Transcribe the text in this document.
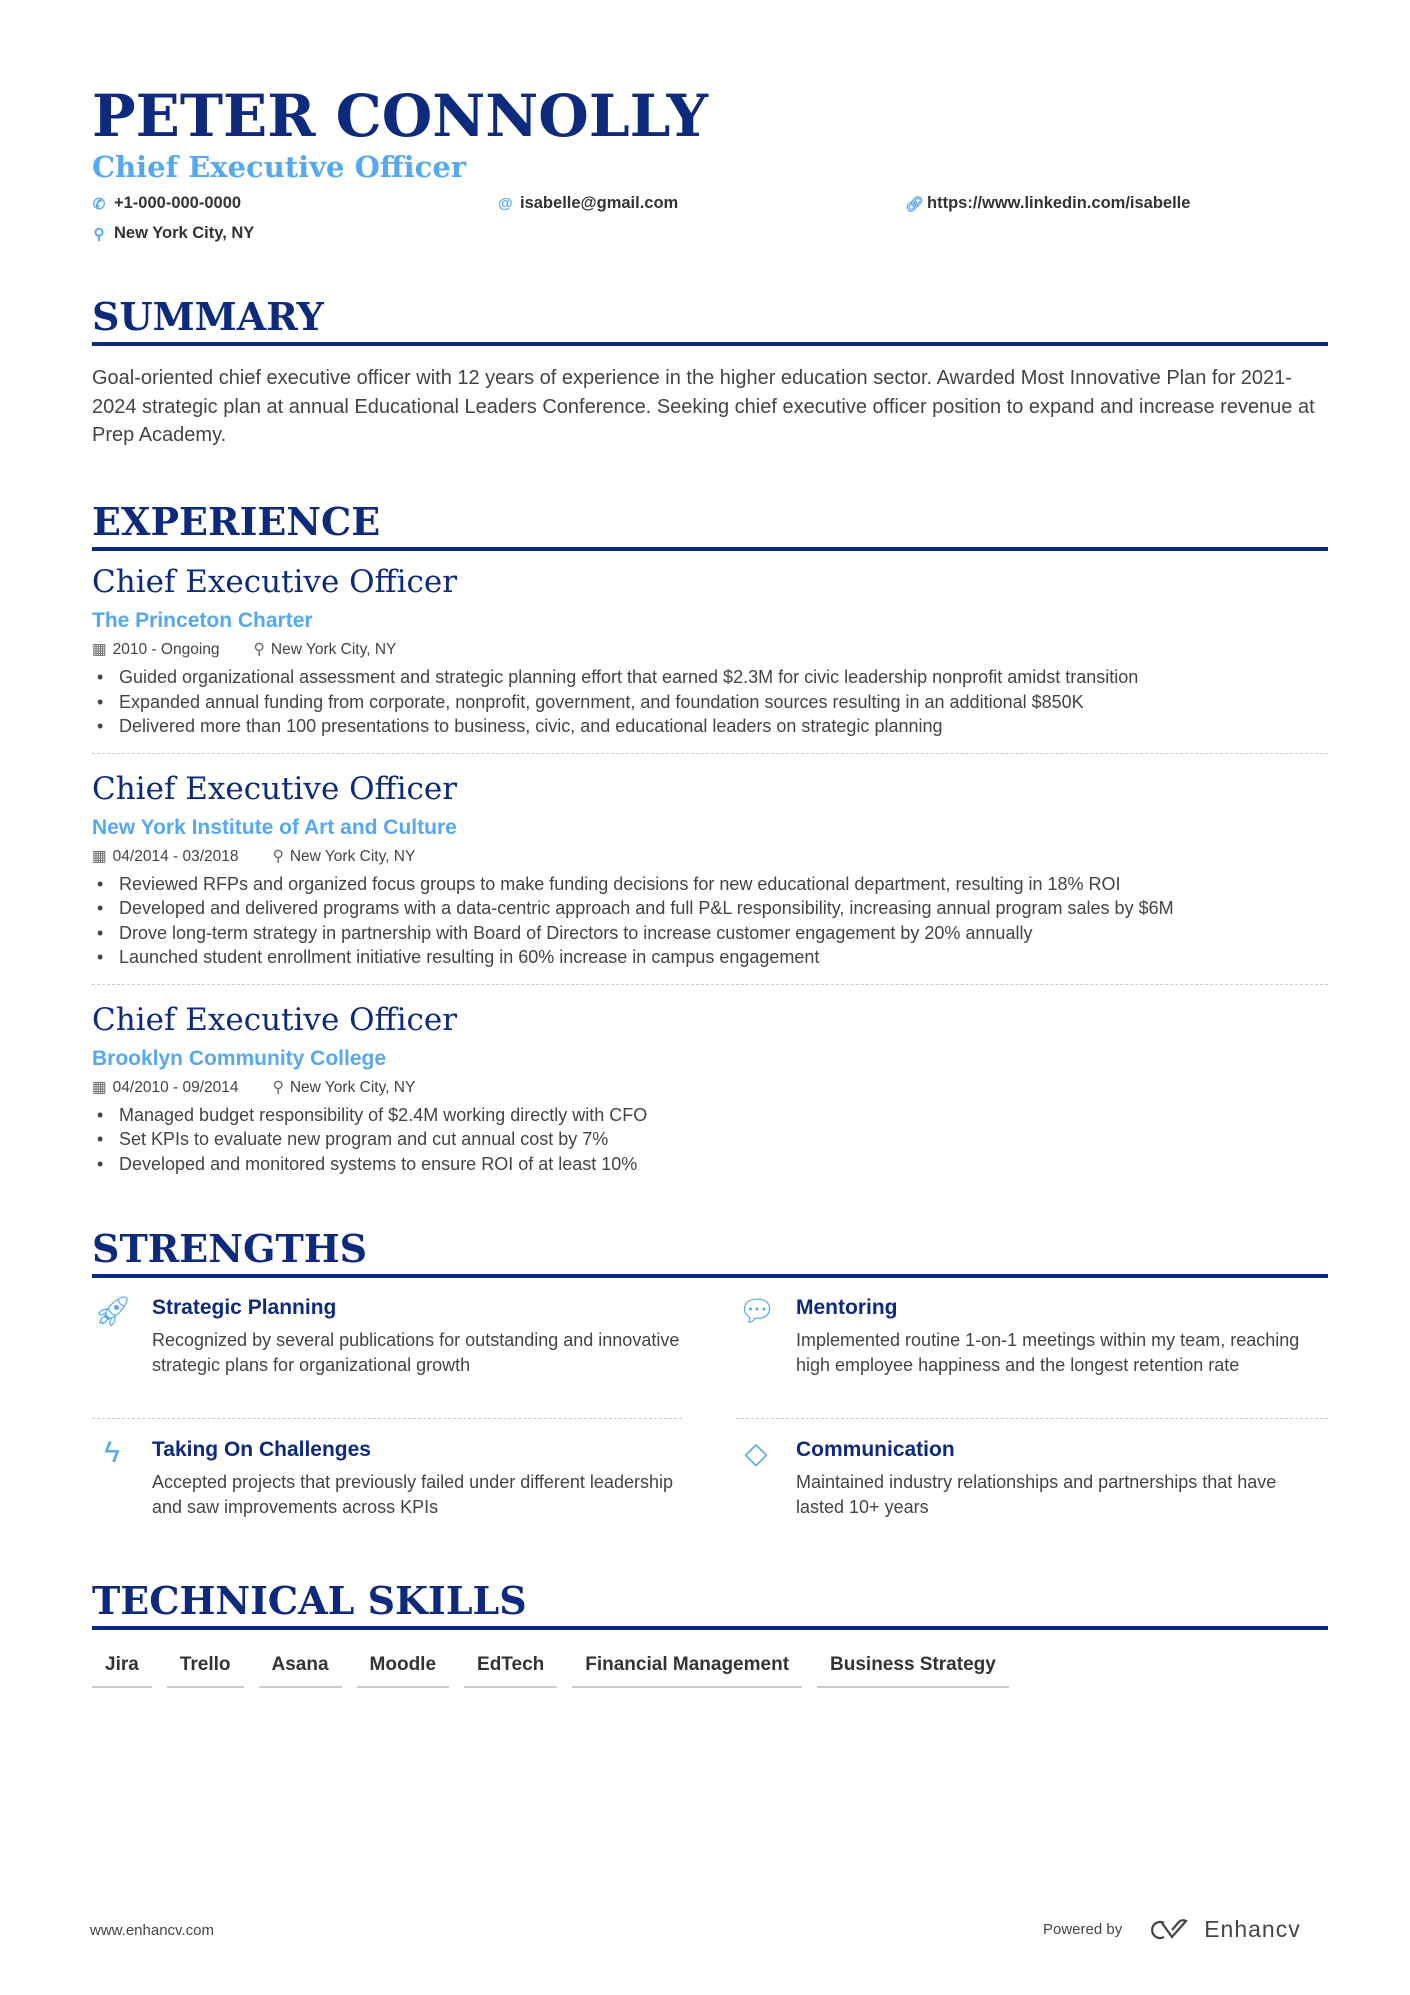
PETER CONNOLLY
Chief Executive Officer
✆ +1-000-000-0000	@ isabelle@gmail.com	🔗︎ https://www.linkedin.com/isabelle
⚲ New York City, NY
SUMMARY

Goal-oriented chief executive officer with 12 years of experience in the higher education sector. Awarded Most Innovative Plan for 2021-2024 strategic plan at annual Educational Leaders Conference. Seeking chief executive officer position to expand and increase revenue at Prep Academy.

EXPERIENCE
Chief Executive Officer
The Princeton Charter
▦ 2010 - Ongoing ⚲ New York City, NY
• Guided organizational assessment and strategic planning effort that earned $2.3M for civic leadership nonprofit amidst transition
• Expanded annual funding from corporate, nonprofit, government, and foundation sources resulting in an additional $850K
• Delivered more than 100 presentations to business, civic, and educational leaders on strategic planning
Chief Executive Officer
New York Institute of Art and Culture
▦ 04/2014 - 03/2018 ⚲ New York City, NY
• Reviewed RFPs and organized focus groups to make funding decisions for new educational department, resulting in 18% ROI
• Developed and delivered programs with a data-centric approach and full P&L responsibility, increasing annual program sales by $6M
• Drove long-term strategy in partnership with Board of Directors to increase customer engagement by 20% annually
• Launched student enrollment initiative resulting in 60% increase in campus engagement
Chief Executive Officer
Brooklyn Community College
▦ 04/2010 - 09/2014 ⚲ New York City, NY
• Managed budget responsibility of $2.4M working directly with CFO
• Set KPIs to evaluate new program and cut annual cost by 7%
• Developed and monitored systems to ensure ROI of at least 10%
STRENGTHS
🚀︎ Strategic Planning
Recognized by several publications for outstanding and innovative strategic plans for organizational growth
💬︎ Mentoring
Implemented routine 1-on-1 meetings within my team, reaching high employee happiness and the longest retention rate
ϟ	Taking On Challenges
Accepted projects that previously failed under different leadership and saw improvements across KPIs
◇	Communication
Maintained industry relationships and partnerships that have lasted 10+ years
TECHNICAL SKILLS
Jira	Trello	Asana	Moodle	EdTech	Financial Management	Business Strategy
www.enhancv.com	Powered by	Enhancv
